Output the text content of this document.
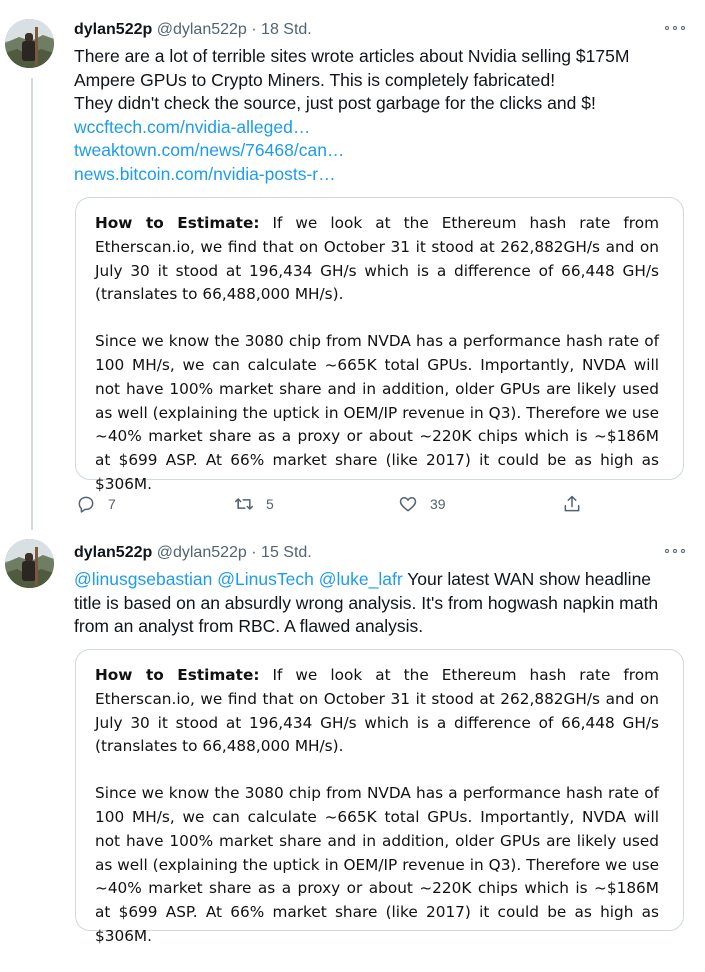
dylan522p @dylan522p · 18 Std.
There are a lot of terrible sites wrote articles about Nvidia selling $175M
Ampere GPUs to Crypto Miners. This is completely fabricated!
They didn't check the source, just post garbage for the clicks and $!
wccftech.com/nvidia-alleged…
tweaktown.com/news/76468/can…
news.bitcoin.com/nvidia-posts-r…

How to Estimate: If we look at the Ethereum hash rate from Etherscan.io, we find that on October 31 it stood at 262,882GH/s and on July 30 it stood at 196,434 GH/s which is a difference of 66,448 GH/s (translates to 66,488,000 MH/s).

Since we know the 3080 chip from NVDA has a performance hash rate of 100 MH/s, we can calculate ~665K total GPUs. Importantly, NVDA will not have 100% market share and in addition, older GPUs are likely used as well (explaining the uptick in OEM/IP revenue in Q3). Therefore we use ~40% market share as a proxy or about ~220K chips which is ~$186M at $699 ASP. At 66% market share (like 2017) it could be as high as $306M.

7	5	39
dylan522p @dylan522p · 15 Std.
@linusgsebastian @LinusTech @luke_lafr Your latest WAN show headline
title is based on an absurdly wrong analysis. It's from hogwash napkin math
from an analyst from RBC. A flawed analysis.

How to Estimate: If we look at the Ethereum hash rate from Etherscan.io, we find that on October 31 it stood at 262,882GH/s and on July 30 it stood at 196,434 GH/s which is a difference of 66,448 GH/s (translates to 66,488,000 MH/s).

Since we know the 3080 chip from NVDA has a performance hash rate of 100 MH/s, we can calculate ~665K total GPUs. Importantly, NVDA will not have 100% market share and in addition, older GPUs are likely used as well (explaining the uptick in OEM/IP revenue in Q3). Therefore we use ~40% market share as a proxy or about ~220K chips which is ~$186M at $699 ASP. At 66% market share (like 2017) it could be as high as $306M.
